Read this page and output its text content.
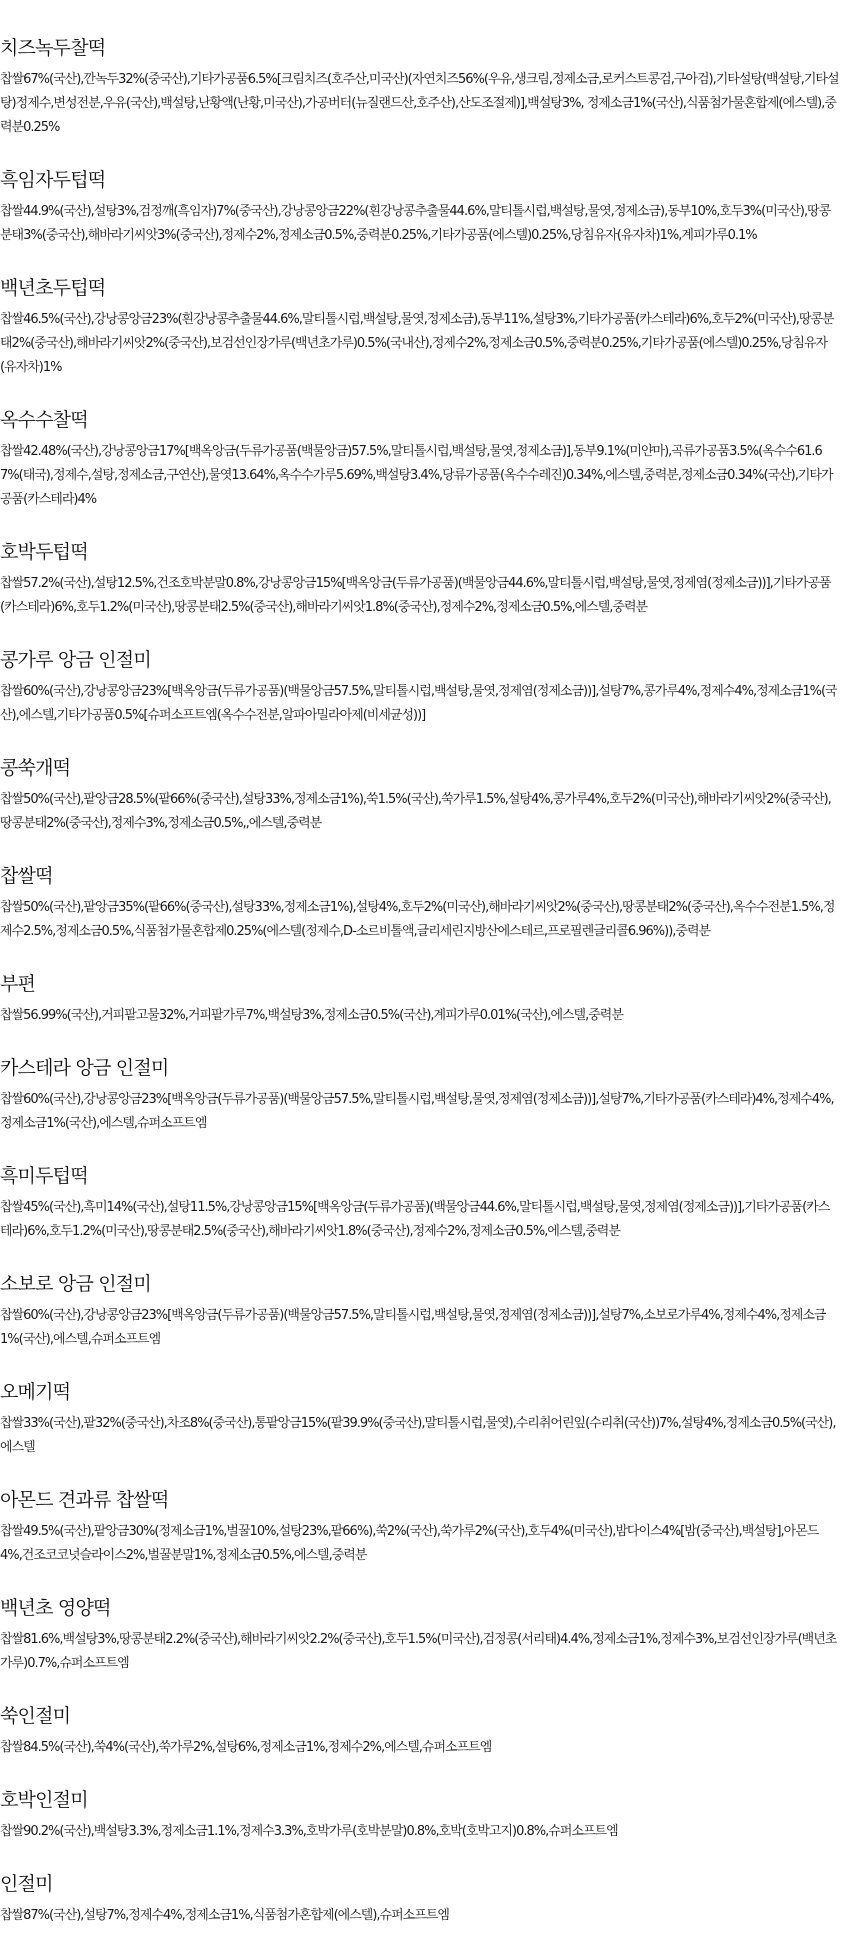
치즈녹두찰떡

찹쌀67%(국산),깐녹두32%(중국산),기타가공품6.5%[크림치즈(호주산,미국산)(자연치즈56%(우유,생크림,정제소금,로커스트콩검,구아검),기타설탕(백설탕,기타설탕)정제수,변성전분,우유(국산),백설탕,난황액(난황,미국산),가공버터(뉴질랜드산,호주산),산도조절제)],백설탕3%, 정제소금1%(국산),식품첨가물혼합제(에스텔),중력분0.25%

흑임자두텁떡

찹쌀44.9%(국산),설탕3%,검정깨(흑임자)7%(중국산),강낭콩앙금22%(흰강낭콩추출물44.6%,말티톨시럽,백설탕,물엿,정제소금),동부10%,호두3%(미국산),땅콩분태3%(중국산),해바라기씨앗3%(중국산),정제수2%,정제소금0.5%,중력분0.25%,기타가공품(에스텔)0.25%,당침유자(유자차)1%,계피가루0.1%

백년초두텁떡

찹쌀46.5%(국산),강낭콩앙금23%(흰강낭콩추출물44.6%,말티톨시럽,백설탕,물엿,정제소금),동부11%,설탕3%,기타가공품(카스테라)6%,호두2%(미국산),땅콩분태2%(중국산),해바라기씨앗2%(중국산),보검선인장가루(백년초가루)0.5%(국내산),정제수2%,정제소금0.5%,중력분0.25%,기타가공품(에스텔)0.25%,당침유자(유자차)1%

옥수수찰떡

찹쌀42.48%(국산),강낭콩앙금17%[백옥앙금(두류가공품(백물앙금)57.5%,말티톨시럽,백설탕,물엿,정제소금)],동부9.1%(미얀마),곡류가공품3.5%(옥수수61.67%(태국),정제수,설탕,정제소금,구연산),물엿13.64%,옥수수가루5.69%,백설탕3.4%,당류가공품(옥수수레진)0.34%,에스텔,중력분,정제소금0.34%(국산),기타가공품(카스테라)4%

호박두텁떡

찹쌀57.2%(국산),설탕12.5%,건조호박분말0.8%,강낭콩앙금15%[백옥앙금(두류가공품)(백물앙금44.6%,말티톨시럽,백설탕,물엿,정제염(정제소금))],기타가공품(카스테라)6%,호두1.2%(미국산),땅콩분태2.5%(중국산),해바라기씨앗1.8%(중국산),정제수2%,정제소금0.5%,에스텔,중력분

콩가루 앙금 인절미

찹쌀60%(국산),강낭콩앙금23%[백옥앙금(두류가공품)(백물앙금57.5%,말티톨시럽,백설탕,물엿,정제염(정제소금))],설탕7%,콩가루4%,정제수4%,정제소금1%(국산),에스텔,기타가공품0.5%[슈퍼소프트엠(옥수수전분,알파아밀라아제(비세균성))]

콩쑥개떡

찹쌀50%(국산),팥앙금28.5%(팥66%(중국산),설탕33%,정제소금1%),쑥1.5%(국산),쑥가루1.5%,설탕4%,콩가루4%,호두2%(미국산),해바라기씨앗2%(중국산),땅콩분태2%(중국산),정제수3%,정제소금0.5%,,에스텔,중력분

찹쌀떡

찹쌀50%(국산),팥앙금35%(팥66%(중국산),설탕33%,정제소금1%),설탕4%,호두2%(미국산),해바라기씨앗2%(중국산),땅콩분태2%(중국산),옥수수전분1.5%,정제수2.5%,정제소금0.5%,식품첨가물혼합제0.25%(에스텔(정제수,D-소르비톨액,글리세린지방산에스테르,프로필렌글리콜6.96%)),중력분

부편

찹쌀56.99%(국산),거피팥고물32%,거피팥가루7%,백설탕3%,정제소금0.5%(국산),계피가루0.01%(국산),에스텔,중력분

카스테라 앙금 인절미

찹쌀60%(국산),강낭콩앙금23%[백옥앙금(두류가공품)(백물앙금57.5%,말티톨시럽,백설탕,물엿,정제염(정제소금))],설탕7%,기타가공품(카스테라)4%,정제수4%,정제소금1%(국산),에스텔,슈퍼소프트엠

흑미두텁떡

찹쌀45%(국산),흑미14%(국산),설탕11.5%,강낭콩앙금15%[백옥앙금(두류가공품)(백물앙금44.6%,말티톨시럽,백설탕,물엿,정제염(정제소금))],기타가공품(카스테라)6%,호두1.2%(미국산),땅콩분태2.5%(중국산),해바라기씨앗1.8%(중국산),정제수2%,정제소금0.5%,에스텔,중력분

소보로 앙금 인절미

찹쌀60%(국산),강낭콩앙금23%[백옥앙금(두류가공품)(백물앙금57.5%,말티톨시럽,백설탕,물엿,정제염(정제소금))],설탕7%,소보로가루4%,정제수4%,정제소금1%(국산),에스텔,슈퍼소프트엠

오메기떡

찹쌀33%(국산),팥32%(중국산),차조8%(중국산),통팥앙금15%(팥39.9%(중국산),말티톨시럽,물엿),수리취어린잎(수리취(국산))7%,설탕4%,정제소금0.5%(국산),에스텔

아몬드 견과류 찹쌀떡

찹쌀49.5%(국산),팥앙금30%(정제소금1%,벌꿀10%,설탕23%,팥66%),쑥2%(국산),쑥가루2%(국산),호두4%(미국산),밤다이스4%[밤(중국산),백설탕],아몬드4%,건조코코넛슬라이스2%,벌꿀분말1%,정제소금0.5%,에스텔,중력분

백년초 영양떡

찹쌀81.6%,백설탕3%,땅콩분태2.2%(중국산),해바라기씨앗2.2%(중국산),호두1.5%(미국산),검정콩(서리태)4.4%,정제소금1%,정제수3%,보검선인장가루(백년초가루)0.7%,슈퍼소프트엠

쑥인절미

찹쌀84.5%(국산),쑥4%(국산),쑥가루2%,설탕6%,정제소금1%,정제수2%,에스텔,슈퍼소프트엠

호박인절미

찹쌀90.2%(국산),백설탕3.3%,정제소금1.1%,정제수3.3%,호박가루(호박분말)0.8%,호박(호박고지)0.8%,슈퍼소프트엠

인절미

찹쌀87%(국산),설탕7%,정제수4%,정제소금1%,식품첨가혼합제(에스텔),슈퍼소프트엠
